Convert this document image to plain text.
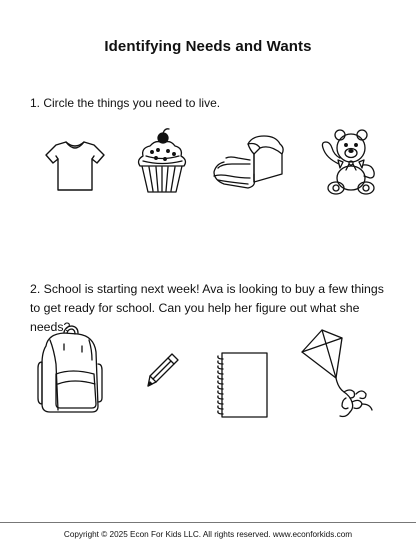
Identifying Needs and Wants
1. Circle the things you need to live.
2. School is starting next week! Ava is looking to buy a few things to get ready for school. Can you help her figure out what she needs?
Copyright © 2025 Econ For Kids LLC. All rights reserved. www.econforkids.com
